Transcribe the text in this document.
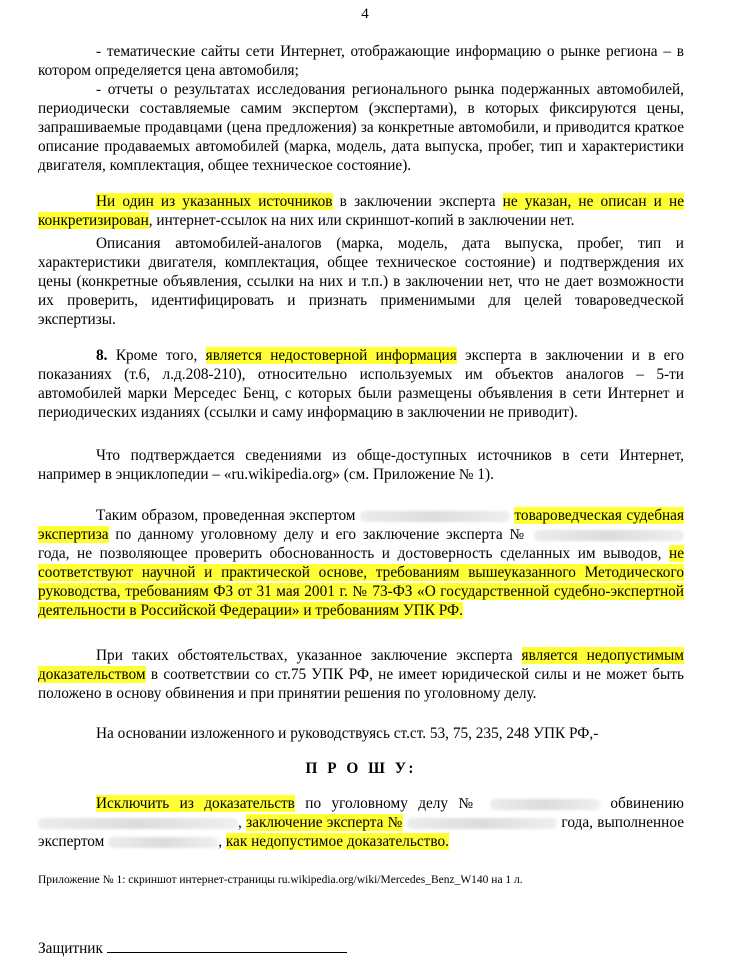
4

- тематические сайты сети Интернет, отображающие информацию о рынке региона – в котором определяется цена автомобиля;

- отчеты о результатах исследования регионального рынка подержанных автомобилей, периодически составляемые самим экспертом (экспертами), в которых фиксируются цены, запрашиваемые продавцами (цена предложения) за конкретные автомобили, и приводится краткое описание продаваемых автомобилей (марка, модель, дата выпуска, пробег, тип и характеристики двигателя, комплектация, общее техническое состояние).

Ни один из указанных источников в заключении эксперта не указан, не описан и не конкретизирован, интернет-ссылок на них или скриншот-копий в заключении нет.

Описания автомобилей-аналогов (марка, модель, дата выпуска, пробег, тип и характеристики двигателя, комплектация, общее техническое состояние) и подтверждения их цены (конкретные объявления, ссылки на них и т.п.) в заключении нет, что не дает возможности их проверить, идентифицировать и признать применимыми для целей товароведческой экспертизы.

8. Кроме того, является недостоверной информация эксперта в заключении и в его показаниях (т.6, л.д.208-210), относительно используемых им объектов аналогов – 5-ти автомобилей марки Мерседес Бенц, с которых были размещены объявления в сети Интернет и периодических изданиях (ссылки и саму информацию в заключении не приводит).

Что подтверждается сведениями из обще-доступных источников в сети Интернет, например в энциклопедии – «ru.wikipedia.org» (см. Приложение № 1).

Таким образом, проведенная экспертом	товароведческая судебная экспертиза по данному уголовному делу и его заключение эксперта №  года, не позволяющее проверить обоснованность и достоверность сделанных им выводов, не соответствуют научной и практической основе, требованиям вышеуказанного Методического руководства, требованиям ФЗ от 31 мая 2001 г. № 73-ФЗ «О государственной судебно-экспертной деятельности в Российской Федерации» и требованиям УПК РФ.

При таких обстоятельствах, указанное заключение эксперта является недопустимым доказательством в соответствии со ст.75 УПК РФ, не имеет юридической силы и не может быть положено в основу обвинения и при принятии решения по уголовному делу.

На основании изложенного и руководствуясь ст.ст. 53, 75, 235, 248 УПК РФ,-

П Р О Ш У:

Исключить из доказательств по уголовному делу №	обвинению , заключение эксперта №	года, выполненное экспертом	, как недопустимое доказательство.

Приложение № 1: скриншот интернет-страницы ru.wikipedia.org/wiki/Mercedes_Benz_W140 на 1 л.

Защитник
